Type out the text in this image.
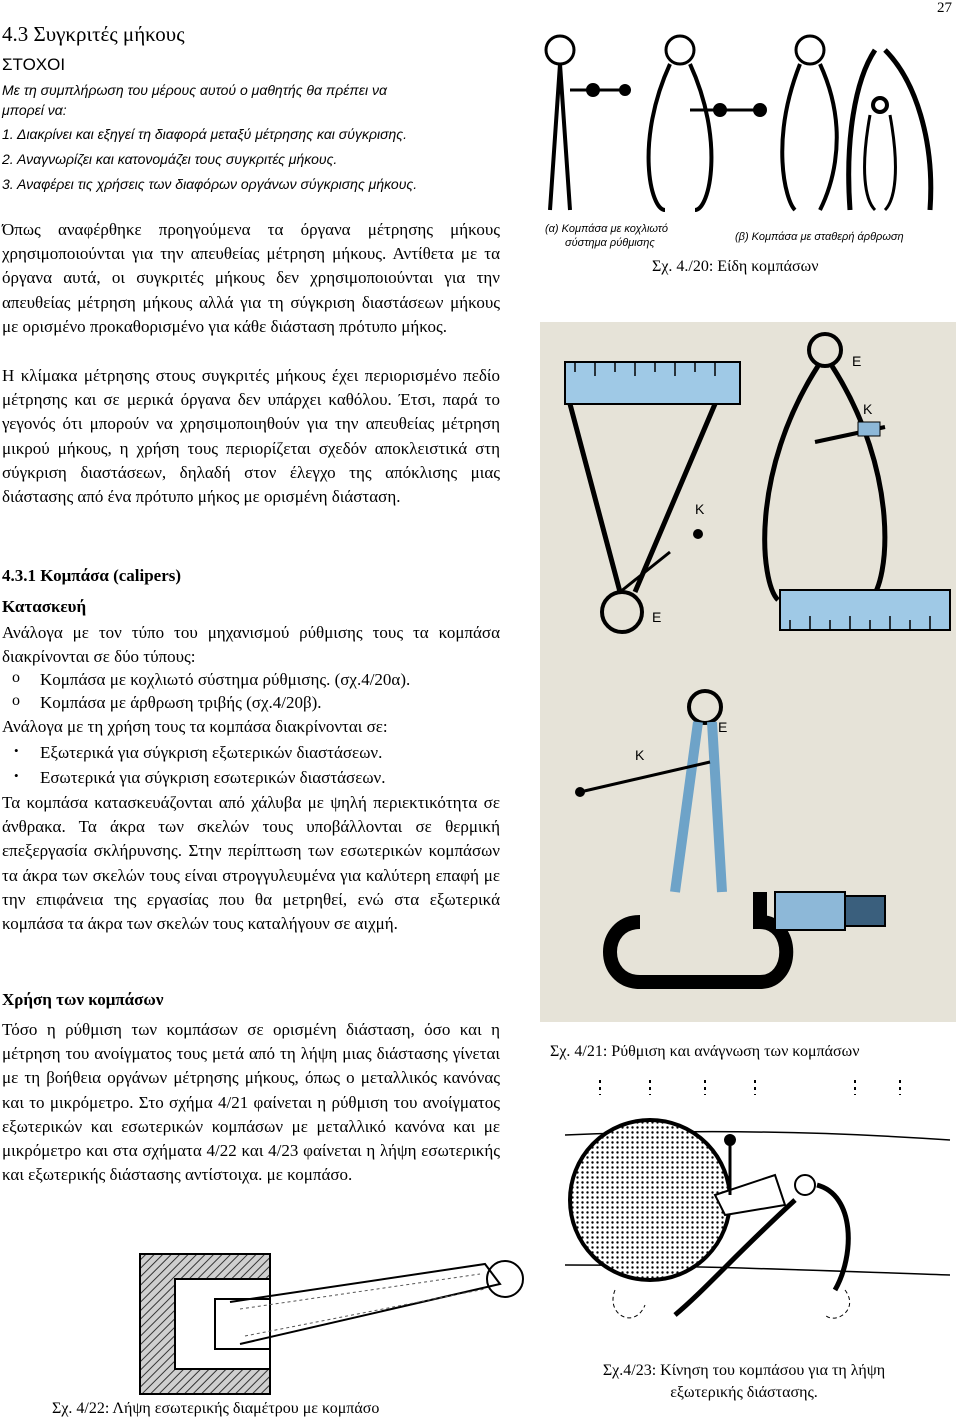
27
4.3 Συγκριτές μήκους
ΣΤΟΧΟΙ
Με τη συμπλήρωση του μέρους αυτού ο μαθητής θα πρέπει να
μπορεί να:
1. Διακρίνει και εξηγεί τη διαφορά μεταξύ μέτρησης και σύγκρισης.
2. Αναγνωρίζει και κατονομάζει τους συγκριτές μήκους.
3. Αναφέρει τις χρήσεις των διαφόρων οργάνων σύγκρισης μήκους.

Όπως αναφέρθηκε προηγούμενα τα όργανα μέτρησης μήκους χρησιμοποιούνται για την απευθείας μέτρηση μήκους. Αντίθετα με τα όργανα αυτά, οι συγκριτές μήκους δεν χρησιμοποιούνται για την απευθείας μέτρηση μήκους αλλά για τη σύγκριση διαστάσεων μήκους με ορισμένο προκαθορισμένο για κάθε διάσταση πρότυπο μήκος.

Η κλίμακα μέτρησης στους συγκριτές μήκους έχει περιορισμένο πεδίο μέτρησης και σε μερικά όργανα δεν υπάρχει καθόλου. Έτσι, παρά το γεγονός ότι μπορούν να χρησιμοποιηθούν για την απευθείας μέτρηση μικρού μήκους, η χρήση τους περιορίζεται σχεδόν αποκλειστικά στη σύγκριση διαστάσεων, δηλαδή στον έλεγχο της απόκλισης μιας διάστασης από ένα πρότυπο μήκος με ορισμένη διάσταση.

4.3.1 Κομπάσα (calipers)
Κατασκευή

Ανάλογα με τον τύπο του μηχανισμού ρύθμισης τους τα κομπάσα διακρίνονται σε δύο τύπους:

o Κομπάσα με κοχλιωτό σύστημα ρύθμισης. (σχ.4/20α).
o Κομπάσα με άρθρωση τριβής (σχ.4/20β).
Ανάλογα με τη χρήση τους τα κομπάσα διακρίνονται σε:
• Εξωτερικά για σύγκριση εξωτερικών διαστάσεων.
• Εσωτερικά για σύγκριση εσωτερικών διαστάσεων.

Τα κομπάσα κατασκευάζονται από χάλυβα με ψηλή περιεκτικότητα σε άνθρακα. Τα άκρα των σκελών τους υποβάλλονται σε θερμική επεξεργασία σκλήρυνσης. Στην περίπτωση των εσωτερικών κομπάσων τα άκρα των σκελών τους είναι στρογγυλευμένα για καλύτερη επαφή με την επιφάνεια της εργασίας που θα μετρηθεί, ενώ στα εξωτερικά κομπάσα τα άκρα των σκελών τους καταλήγουν σε αιχμή.

Χρήση των κομπάσων

Τόσο η ρύθμιση των κομπάσων σε ορισμένη διάσταση, όσο και η μέτρηση του ανοίγματος τους μετά από τη λήψη μιας διάστασης γίνεται με τη βοήθεια οργάνων μέτρησης μήκους, όπως ο μεταλλικός κανόνας και το μικρόμετρο. Στο σχήμα 4/21 φαίνεται η ρύθμιση του ανοίγματος εξωτερικών και εσωτερικών κομπάσων με μεταλλικό κανόνα και με μικρόμετρο και στα σχήματα 4/22 και 4/23 φαίνεται η λήψη εσωτερικής και εξωτερικής διάστασης αντίστοιχα. με κομπάσο.

(α) Κομπάσα με κοχλιωτό
σύστημα ρύθμισης	(β) Κομπάσα με σταθερή άρθρωση
Σχ. 4./20: Είδη κομπάσων
K
E
E
K
E
K
Σχ. 4/21: Ρύθμιση και ανάγνωση των κομπάσων
Σχ. 4/22: Λήψη εσωτερικής διαμέτρου με κομπάσο
Σχ.4/23: Κίνηση του κομπάσου για τη λήψη
εξωτερικής διάστασης.
